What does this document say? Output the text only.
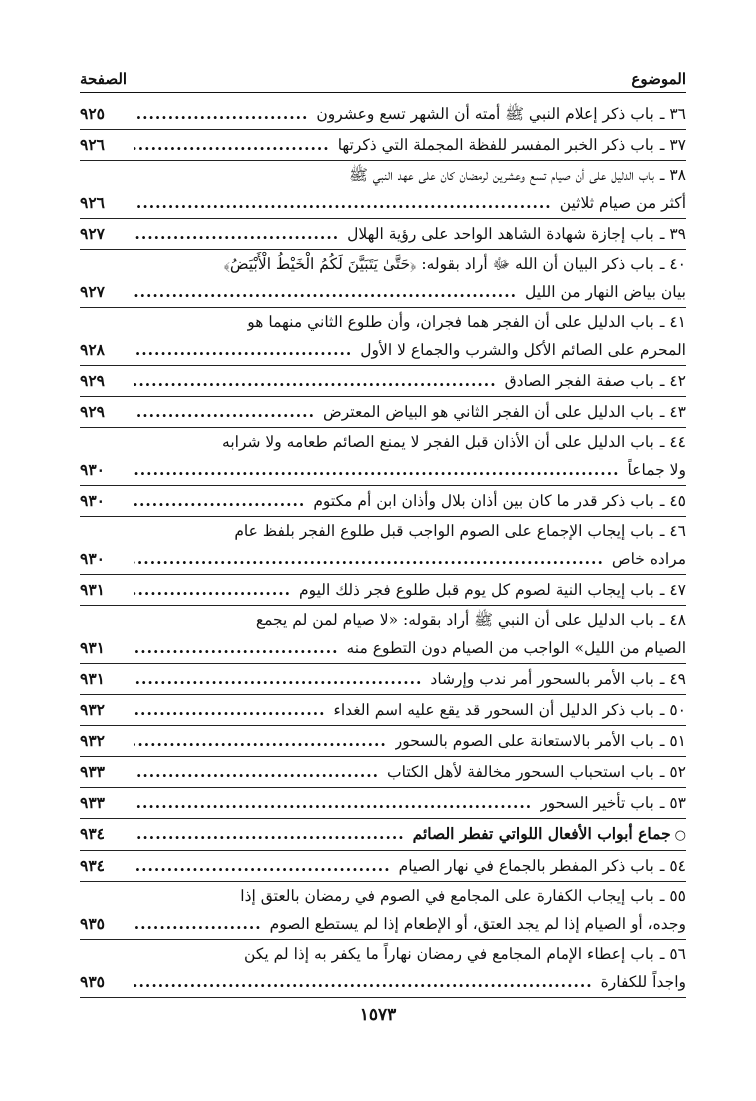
الموضوع
الصفحة
٣٦ ـ
باب ذكر إعلام النبي ﷺ أمته أن الشهر تسع وعشرون
.....
٩٢٥
٣٧ ـ
باب ذكر الخبر المفسر للفظة المجملة التي ذكرتها
.....
٩٢٦
٣٨ ـ
باب الدليل على أن صيام تسع وعشرين لرمضان كان على عهد النبي ﷺ
أكثر من صيام ثلاثين
.....
٩٢٦
٣٩ ـ
باب إجازة شهادة الشاهد الواحد على رؤية الهلال
.....
٩٢٧
٤٠ ـ
باب ذكر البيان أن الله ﷻ أراد بقوله: ﴿حَتَّىٰ يَتَبَيَّنَ لَكُمُ الْخَيْطُ الْأَبْيَضُ﴾
بيان بياض النهار من الليل
.....
٩٢٧
٤١ ـ
باب الدليل على أن الفجر هما فجران، وأن طلوع الثاني منهما هو
المحرم على الصائم الأكل والشرب والجماع لا الأول
.....
٩٢٨
٤٢ ـ
باب صفة الفجر الصادق
.....
٩٢٩
٤٣ ـ
باب الدليل على أن الفجر الثاني هو البياض المعترض
.....
٩٢٩
٤٤ ـ
باب الدليل على أن الأذان قبل الفجر لا يمنع الصائم طعامه ولا شرابه
ولا جماعاً
.....
٩٣٠
٤٥ ـ
باب ذكر قدر ما كان بين أذان بلال وأذان ابن أم مكتوم
.....
٩٣٠
٤٦ ـ
باب إيجاب الإجماع على الصوم الواجب قبل طلوع الفجر بلفظ عام
مراده خاص
.....
٩٣٠
٤٧ ـ
باب إيجاب النية لصوم كل يوم قبل طلوع فجر ذلك اليوم
.....
٩٣١
٤٨ ـ
باب الدليل على أن النبي ﷺ أراد بقوله: «لا صيام لمن لم يجمع
الصيام من الليل» الواجب من الصيام دون التطوع منه
.....
٩٣١
٤٩ ـ
باب الأمر بالسحور أمر ندب وإرشاد
.....
٩٣١
٥٠ ـ
باب ذكر الدليل أن السحور قد يقع عليه اسم الغداء
.....
٩٣٢
٥١ ـ
باب الأمر بالاستعانة على الصوم بالسحور
.....
٩٣٢
٥٢ ـ
باب استحباب السحور مخالفة لأهل الكتاب
.....
٩٣٣
٥٣ ـ
باب تأخير السحور
.....
٩٣٣
○
جماع أبواب الأفعال اللواتي تفطر الصائم
.....
٩٣٤
٥٤ ـ
باب ذكر المفطر بالجماع في نهار الصيام
.....
٩٣٤
٥٥ ـ
باب إيجاب الكفارة على المجامع في الصوم في رمضان بالعتق إذا
وجده، أو الصيام إذا لم يجد العتق، أو الإطعام إذا لم يستطع الصوم
.....
٩٣٥
٥٦ ـ
باب إعطاء الإمام المجامع في رمضان نهاراً ما يكفر به إذا لم يكن
واجداً للكفارة
.....
٩٣٥
١٥٧٣
